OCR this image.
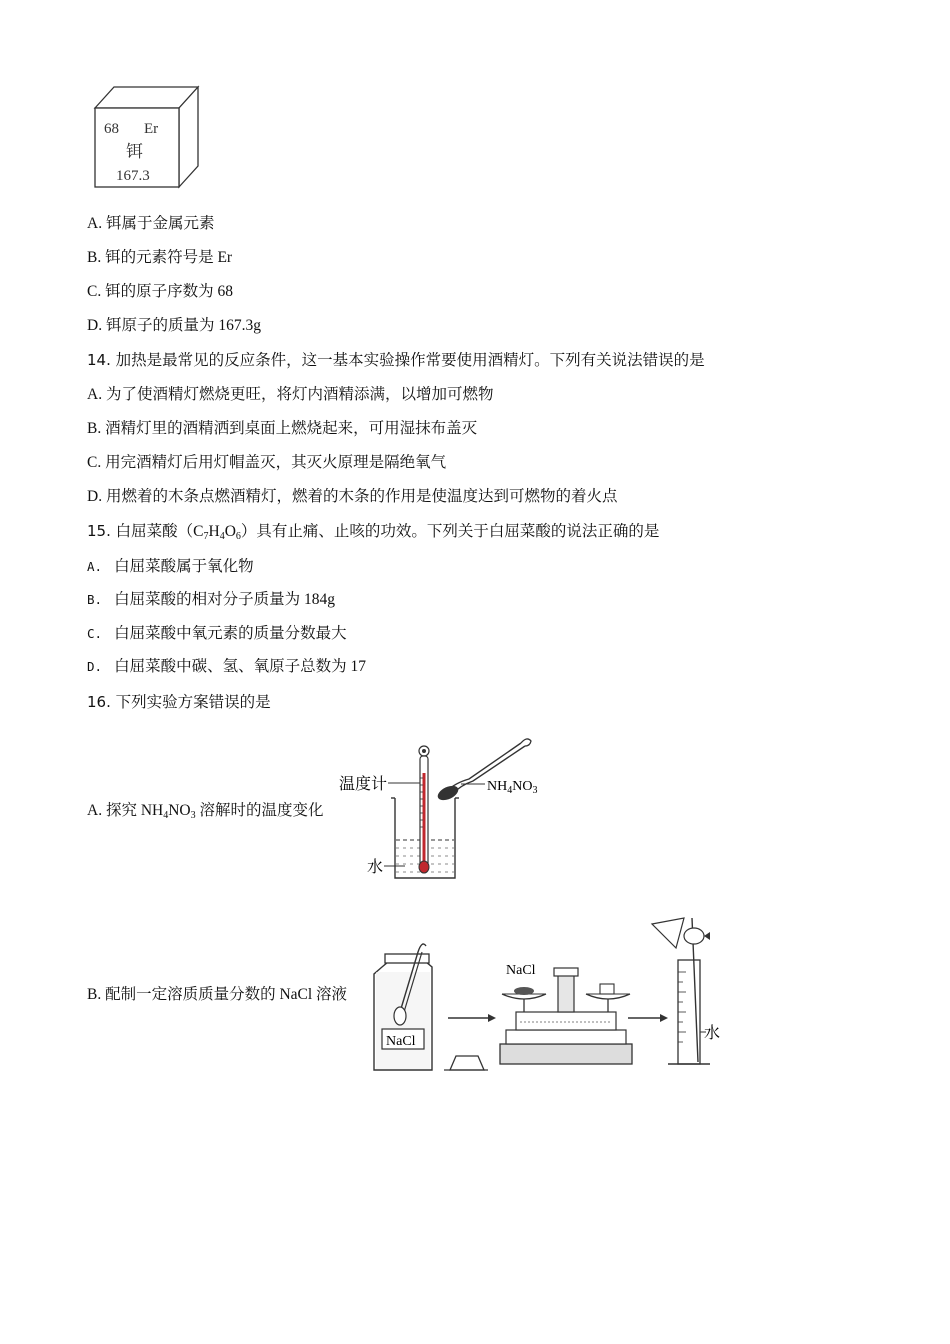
68 Er
铒
167.3
A. 铒属于金属元素
B. 铒的元素符号是 Er
C. 铒的原子序数为 68
D. 铒原子的质量为 167.3g
14. 加热是最常见的反应条件，这一基本实验操作常要使用酒精灯。下列有关说法错误的是
A. 为了使酒精灯燃烧更旺，将灯内酒精添满，以增加可燃物
B. 酒精灯里的酒精洒到桌面上燃烧起来，可用湿抹布盖灭
C. 用完酒精灯后用灯帽盖灭，其灭火原理是隔绝氧气
D. 用燃着的木条点燃酒精灯，燃着的木条的作用是使温度达到可燃物的着火点
15. 白屈菜酸$(C_7H_4O_6)$具有止痛、止咳的功效。下列关于白屈菜酸的说法正确的是
A. 白屈菜酸属于氧化物
B. 白屈菜酸的相对分子质量为 184g
C. 白屈菜酸中氧元素的质量分数最大
D. 白屈菜酸中碳、氢、氧原子总数为 17
16. 下列实验方案错误的是
A. 探究 $NH_4NO_3$ 溶解时的温度变化
温度计	$NH_4NO_3$
水
B. 配制一定溶质质量分数的 NaCl 溶液
NaCl
NaCl
水
